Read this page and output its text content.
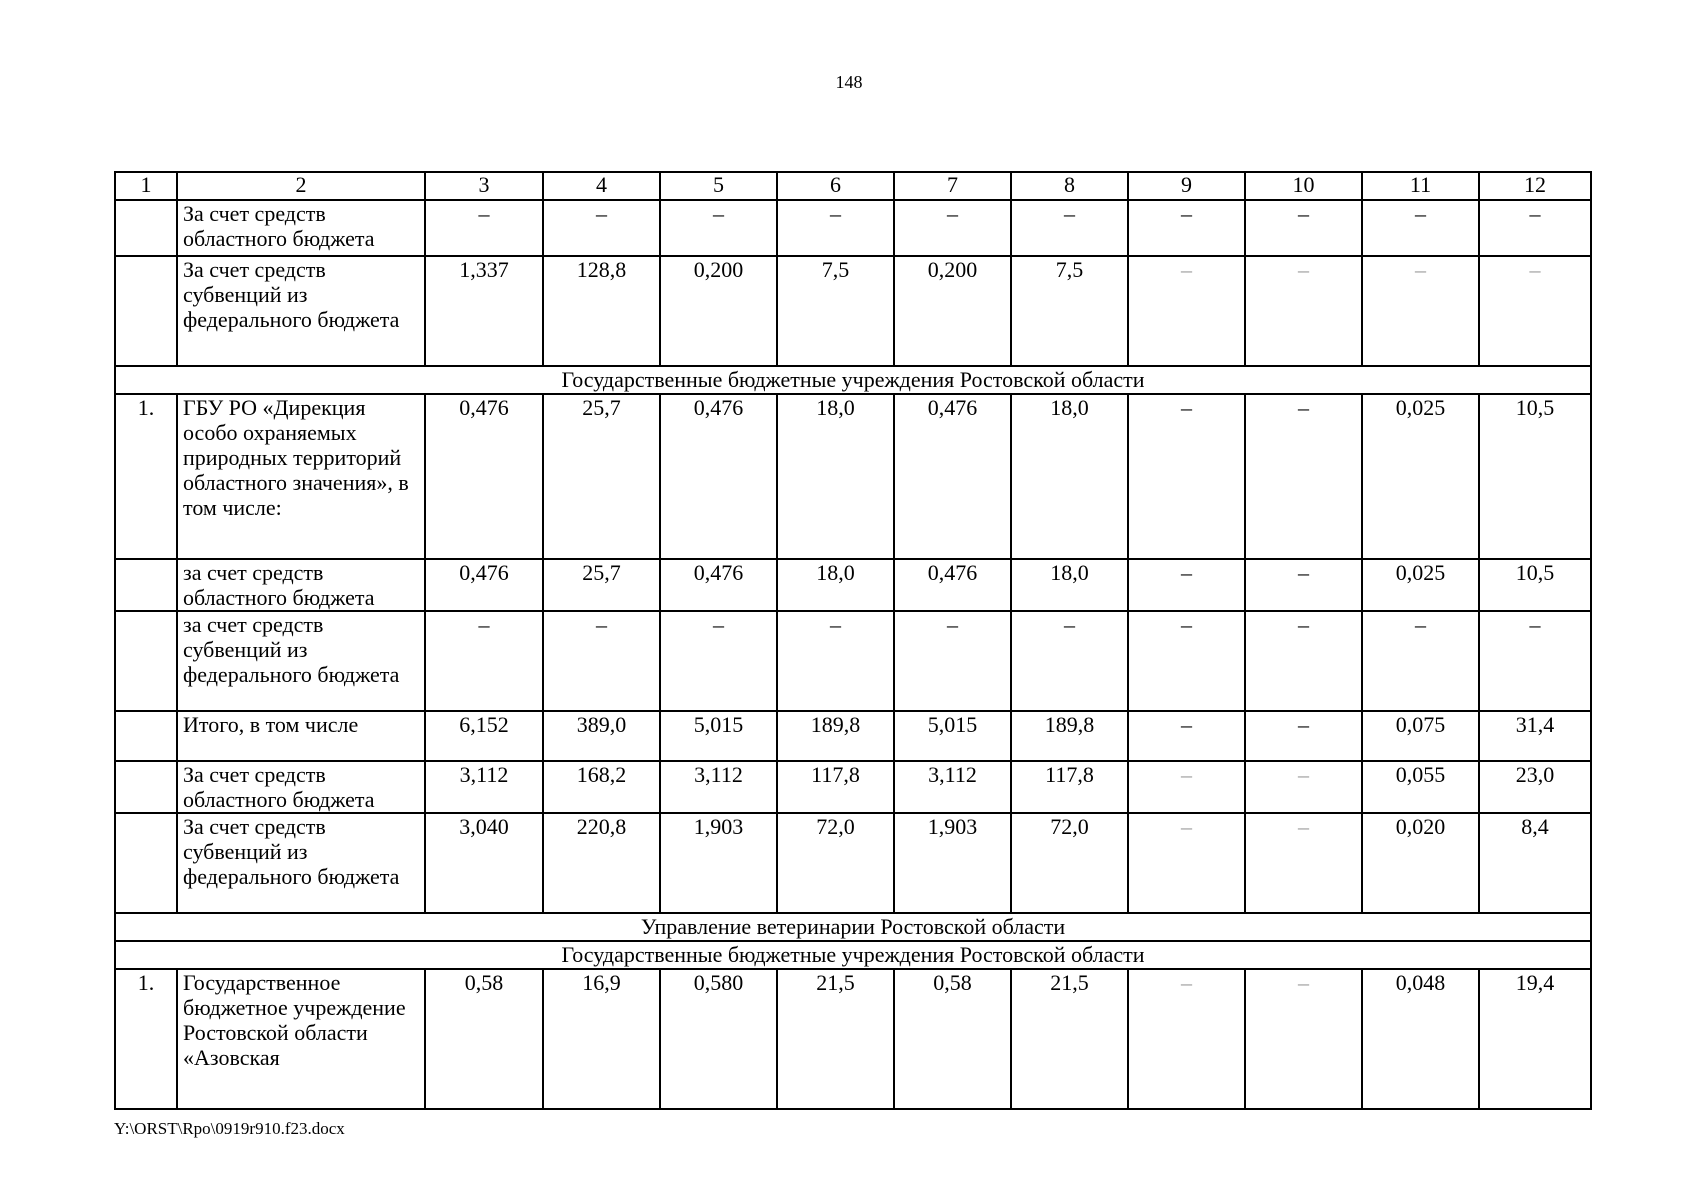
148
1	2	3	4	5	6	7	8	9	10	11	12
	За счет средств областного бюджета	–	–	–	–	–	–	–	–	–	–
	За счет средств субвенций из федерального бюджета	1,337	128,8	0,200	7,5	0,200	7,5	–	–	–	–
Государственные бюджетные учреждения Ростовской области											
1.	ГБУ РО «Дирекция особо охраняемых природных территорий областного значения», в том числе:	0,476	25,7	0,476	18,0	0,476	18,0	–	–	0,025	10,5
	за счет средств областного бюджета	0,476	25,7	0,476	18,0	0,476	18,0	–	–	0,025	10,5
	за счет средств субвенций из федерального бюджета	–	–	–	–	–	–	–	–	–	–
	Итого, в том числе	6,152	389,0	5,015	189,8	5,015	189,8	–	–	0,075	31,4
	За счет средств областного бюджета	3,112	168,2	3,112	117,8	3,112	117,8	–	–	0,055	23,0
	За счет средств субвенций из федерального бюджета	3,040	220,8	1,903	72,0	1,903	72,0	–	–	0,020	8,4
Управление ветеринарии Ростовской области											
Государственные бюджетные учреждения Ростовской области											
1.	Государственное бюджетное учреждение Ростовской области «Азовская	0,58	16,9	0,580	21,5	0,58	21,5	–	–	0,048	19,4
Y:\ORST\Rpo\0919r910.f23.docx
